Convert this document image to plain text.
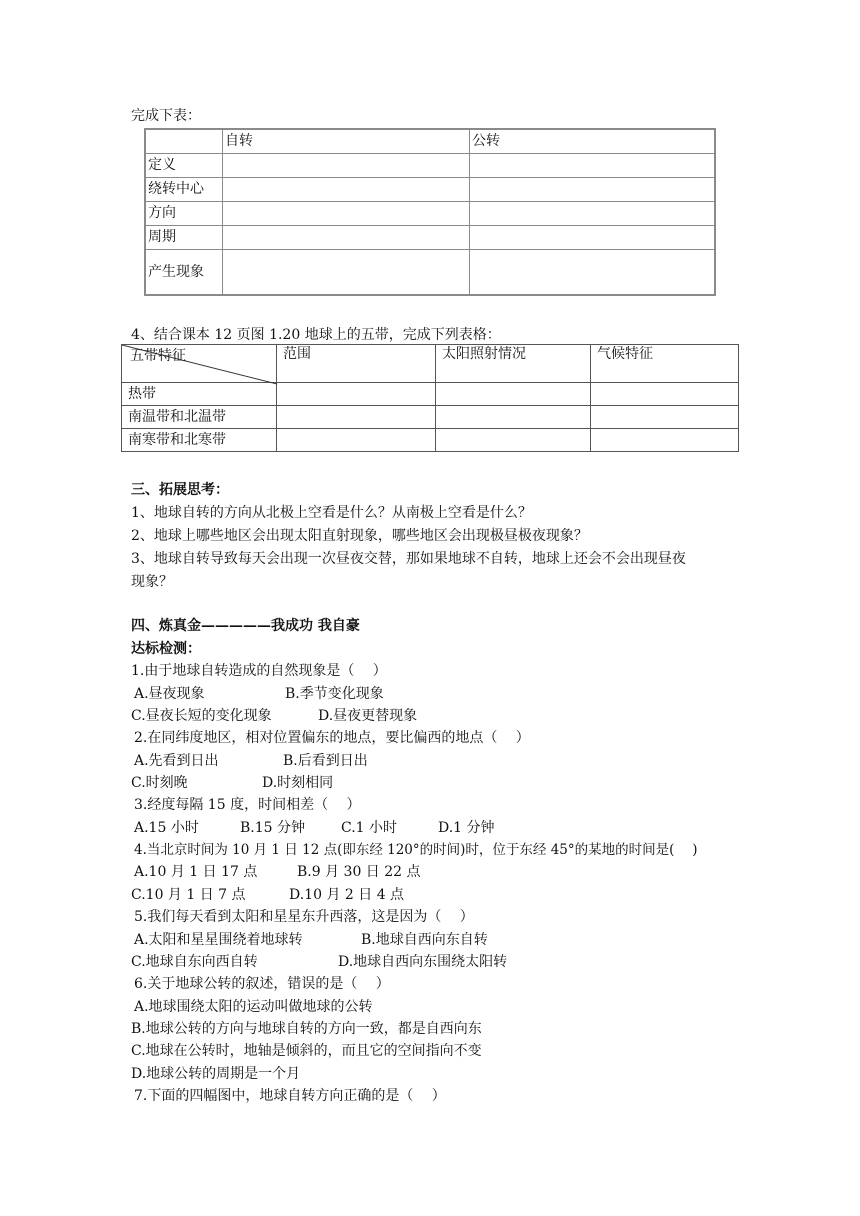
完成下表：
	自转	公转
定义		
绕转中心		
方向		
周期		
产生现象		
4、结合课本 12 页图 1.20 地球上的五带，完成下列表格：
五带特征	范围	太阳照射情况	气候特征
热带			
南温带和北温带			
南寒带和北寒带			
三、拓展思考：
1、地球自转的方向从北极上空看是什么？从南极上空看是什么？
2、地球上哪些地区会出现太阳直射现象，哪些地区会出现极昼极夜现象？
3、地球自转导致每天会出现一次昼夜交替，那如果地球不自转，地球上还会不会出现昼夜
现象？
四、炼真金—————我成功 我自豪
达标检测：
1.由于地球自转造成的自然现象是（　 ）
A.昼夜现象	B.季节变化现象
C.昼夜长短的变化现象	D.昼夜更替现象
2.在同纬度地区，相对位置偏东的地点，要比偏西的地点（　 ）
A.先看到日出	B.后看到日出
C.时刻晚	D.时刻相同
3.经度每隔 15 度，时间相差（　 ）
A.15 小时	B.15 分钟	C.1 小时	D.1 分钟
4.当北京时间为 10 月 1 日 12 点(即东经 120°的时间)时，位于东经 45°的某地的时间是(　 )
A.10 月 1 日 17 点	B.9 月 30 日 22 点
C.10 月 1 日 7 点	D.10 月 2 日 4 点
5.我们每天看到太阳和星星东升西落，这是因为（　 ）
A.太阳和星星围绕着地球转	B.地球自西向东自转
C.地球自东向西自转	D.地球自西向东围绕太阳转
6.关于地球公转的叙述，错误的是（　 ）
A.地球围绕太阳的运动叫做地球的公转
B.地球公转的方向与地球自转的方向一致，都是自西向东
C.地球在公转时，地轴是倾斜的，而且它的空间指向不变
D.地球公转的周期是一个月
7.下面的四幅图中，地球自转方向正确的是（　 ）
